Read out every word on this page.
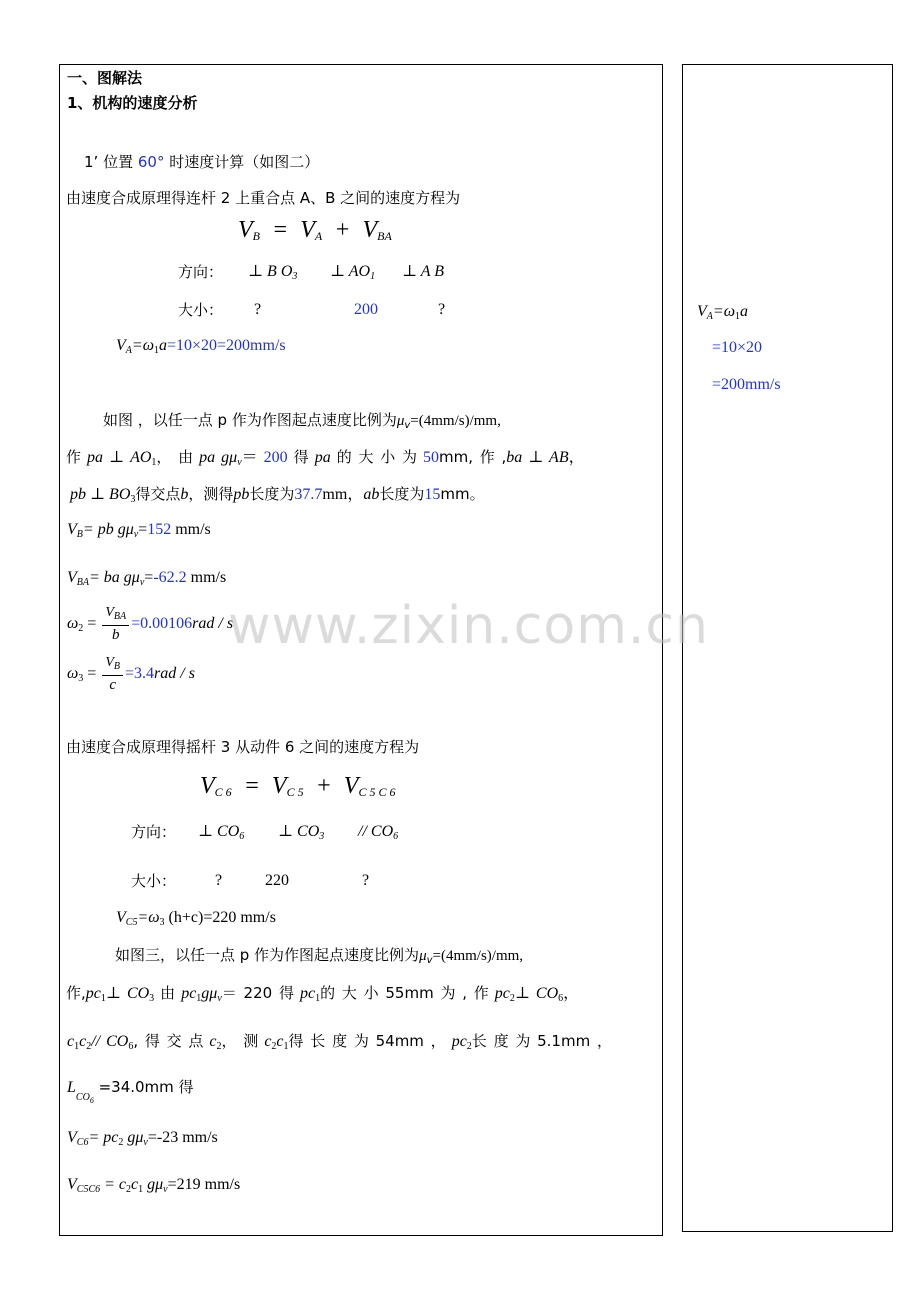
一、图解法
1、机构的速度分析
1’ 位置 60° 时速度计算（如图二）
由速度合成原理得连杆 2 上重合点 A、B 之间的速度方程为
$V_B = V_A + V_{BA}$
方向： ⊥ B $O_3$ ⊥ $AO_1$ ⊥ A B
大小： ?	200	?
$V_A=\omega_1a=10\times 20=200mm/s$
如图 ，以任一点 p 作为作图起点速度比例为$\mu_v=(4mm/s)/mm$,
作 pa ⊥ $AO_1$， 由 pa $g\mu_v= 200$ 得 pa 的 大 小 为 50mm, 作 ,ba ⊥ AB，
pb ⊥ $BO_3$得交点b，测得pb长度为37.7mm，ab长度为15mm。
$V_B=$ pb $g\mu_v=152$ mm/s
$V_{BA}=$ ba $g\mu_v=-62.2$ mm/s
$\omega_2 = \frac{V_{BA}}{b} =0.00106rad / s$
$\omega_3 = \frac{V_B}{c} =3.4rad / s$
由速度合成原理得摇杆 3 从动件 6 之间的速度方程为
$V_{C 6} = V_{C 5} + V_{C 5 C 6}$
方向： ⊥ $CO_6$ ⊥ $CO_3 // CO_6$
大小： ?	220	?
$V_{C5}=\omega_3$ (h+c)=220 mm/s
如图三，以任一点 p 作为作图起点速度比例为$\mu_v=(4mm/s)/mm$,
作$,pc_1\perp$ $CO_3$ 由 $pc_1g\mu_v= 220$ 得 $pc_1$的 大 小 55mm 为 , 作 $pc_2\perp$ $CO_6$，
$c_1c_2//$ $CO_6$, 得 交 点 $c_2$， 测 $c_2c_1$得 长 度 为 54mm ， $pc_2$长 度 为 5.1mm ，
$L_{CO_6} =34.0mm$ 得
$V_{C6}= pc_2$ $g\mu_v=-23$ mm/s
$V_{C5C6} = c_2c_1$ $g\mu_v=219$ mm/s
$V_A=\omega_1a$
=10×20
=200mm/s
www.zixin.com.cn
